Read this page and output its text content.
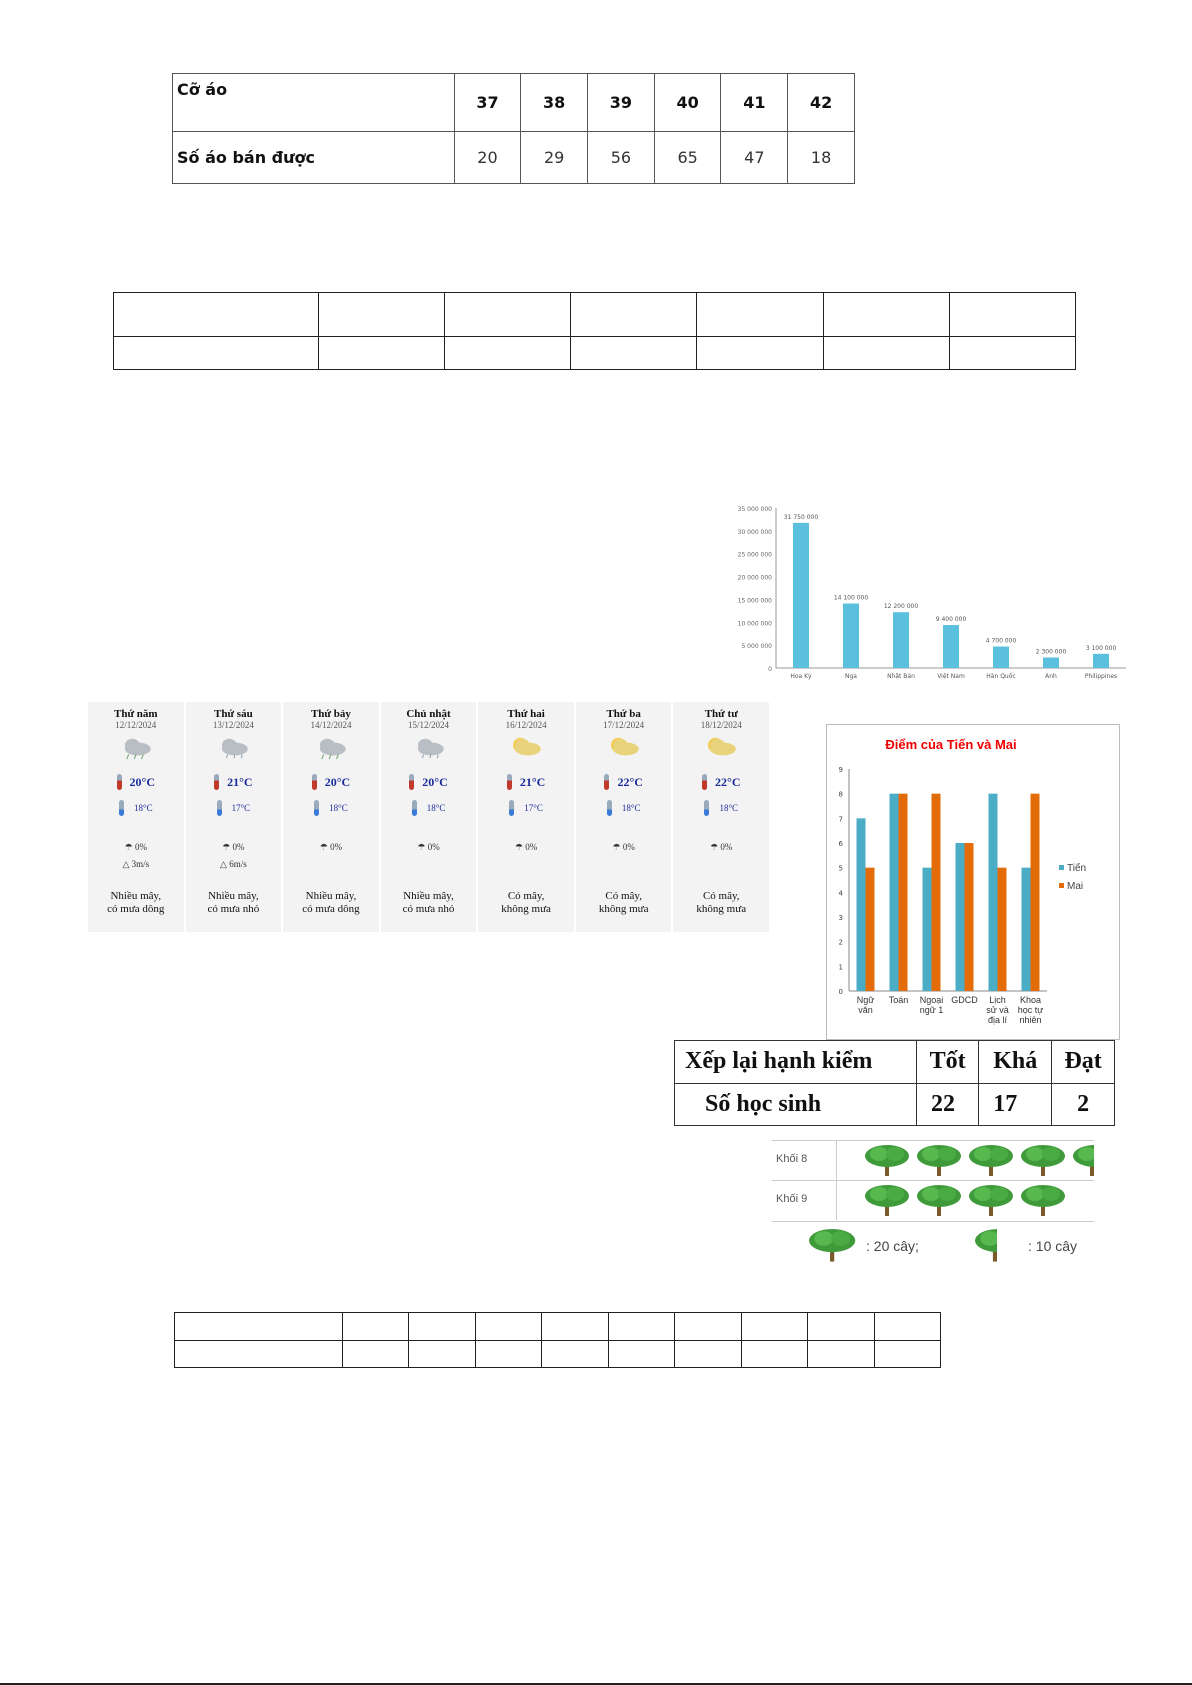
Cỡ áo	37	38	39	40	41	42
Số áo bán được	20	29	56	65	47	18

0
5 000 000
10 000 000
15 000 000
20 000 000
25 000 000
30 000 000
35 000 000
31 750 000
Hoa Kỳ
14 100 000
Nga
12 200 000
Nhật Bản
9 400 000
Việt Nam
4 700 000
Hàn Quốc
2 300 000
Anh
3 100 000
Philippines
Thứ năm
12/12/2024
20°C
18°C
☂ 0%
△ 3m/s
Nhiều mây,
có mưa dông
Thứ sáu
13/12/2024
21°C
17°C
☂ 0%
△ 6m/s
Nhiều mây,
có mưa nhỏ
Thứ bảy
14/12/2024
20°C
18°C
☂ 0%
Nhiều mây,
có mưa dông
Chủ nhật
15/12/2024
20°C
18°C
☂ 0%
Nhiều mây,
có mưa nhỏ
Thứ hai
16/12/2024
21°C
17°C
☂ 0%
Có mây,
không mưa
Thứ ba
17/12/2024
22°C
18°C
☂ 0%
Có mây,
không mưa
Thứ tư
18/12/2024
22°C
18°C
☂ 0%
Có mây,
không mưa
Điểm của Tiến và Mai
0
1
2
3
4
5
6
7
8
9
Ngữ
văn
Toán Ngoại
ngữ 1
GDCD Lịch
sử và
địa lí
Khoa
học tự
nhiên
Tiến
Mai
Xếp lại hạnh kiểm	Tốt	Khá	Đạt
Số học sinh	22	17	2
Khối 8
Khối 9
: 20 cây;	: 10 cây
